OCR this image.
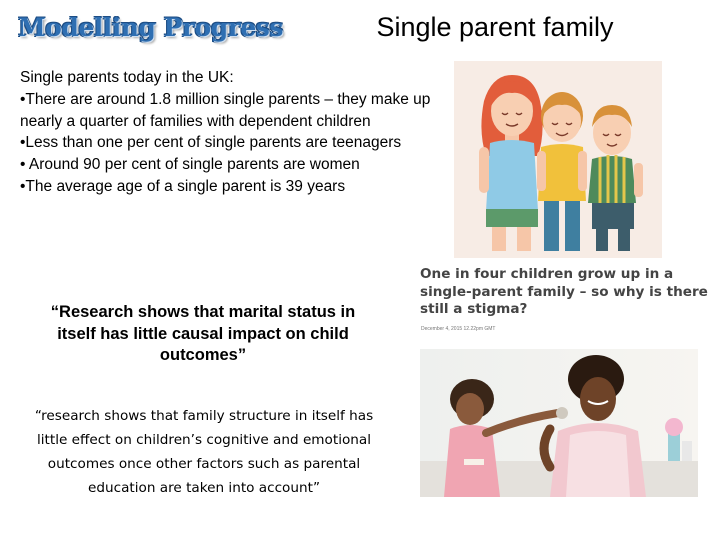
Modelling Progress	Single parent family

Single parents today in the UK:

•There are around 1.8 million single parents – they make up nearly a quarter of families with dependent children

•Less than one per cent of single parents are teenagers

• Around 90 per cent of single parents are women

•The average age of a single parent is 39 years

“Research shows that marital status in itself has little causal impact on child outcomes”
“research shows that family structure in itself has little effect on children’s cognitive and emotional outcomes once other factors such as parental education are taken into account”

One in four children grow up in a single-parent family – so why is there still a stigma?

December 4, 2015 12.22pm GMT
